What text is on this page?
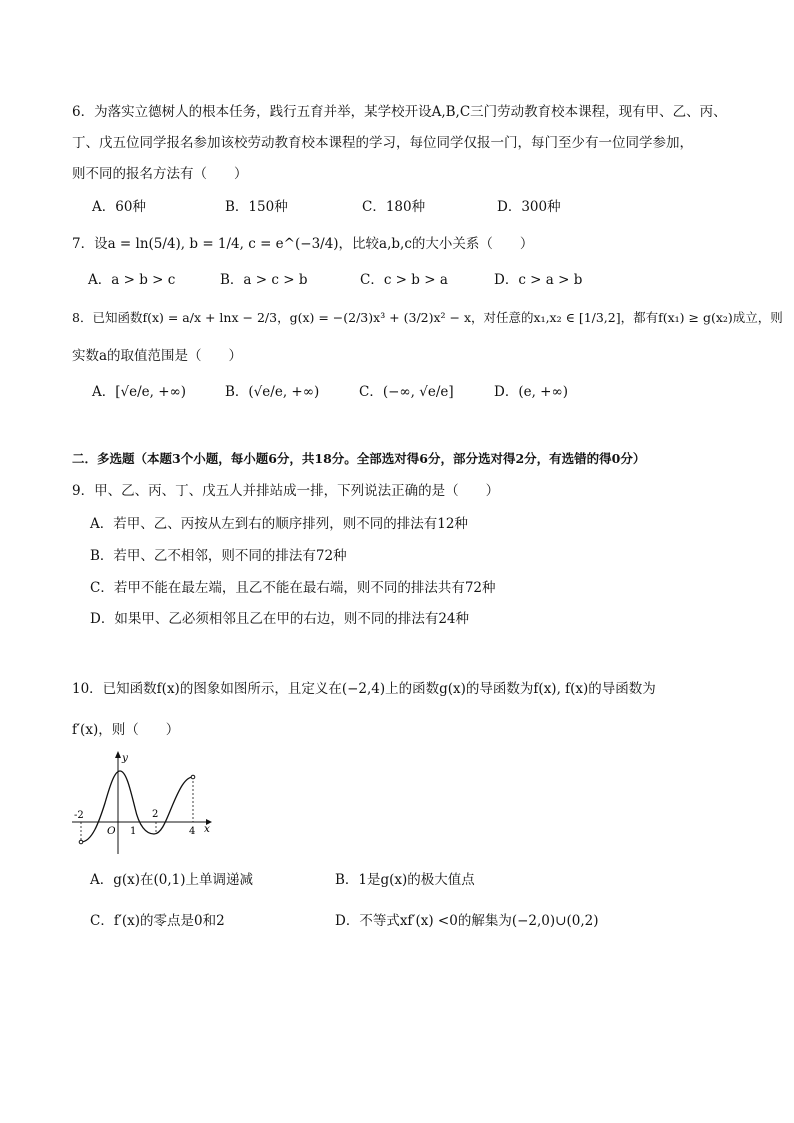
6．为落实立德树人的根本任务，践行五育并举，某学校开设A,B,C三门劳动教育校本课程，现有甲、乙、丙、
丁、戊五位同学报名参加该校劳动教育校本课程的学习，每位同学仅报一门，每门至少有一位同学参加，
则不同的报名方法有（　　）
A．60种	B．150种	C．180种	D．300种
7．设a = ln(5/4), b = 1/4, c = e^(−3/4)，比较a,b,c的大小关系（　　）
A．a > b > c	B．a > c > b	C．c > b > a	D．c > a > b
8．已知函数f(x) = a/x + lnx − 2/3，g(x) = −(2/3)x³ + (3/2)x² − x，对任意的x₁,x₂ ∈ [1/3,2]，都有f(x₁) ≥ g(x₂)成立，则
实数a的取值范围是（　　）
A．[√e/e, +∞)	B．(√e/e, +∞)	C．(−∞, √e/e]	D．(e, +∞)
二．多选题（本题3个小题，每小题6分，共18分。全部选对得6分，部分选对得2分，有选错的得0分）
9．甲、乙、丙、丁、戊五人并排站成一排，下列说法正确的是（　　）
A．若甲、乙、丙按从左到右的顺序排列，则不同的排法有12种
B．若甲、乙不相邻，则不同的排法有72种
C．若甲不能在最左端，且乙不能在最右端，则不同的排法共有72种
D．如果甲、乙必须相邻且乙在甲的右边，则不同的排法有24种
10．已知函数f(x)的图象如图所示，且定义在(−2,4)上的函数g(x)的导函数为f(x), f(x)的导函数为
f′(x)，则（　　）
-2
O 1
2
4 x
y
A．g(x)在(0,1)上单调递减	B．1是g(x)的极大值点
C．f′(x)的零点是0和2	D．不等式xf′(x) <0的解集为(−2,0)∪(0,2)
